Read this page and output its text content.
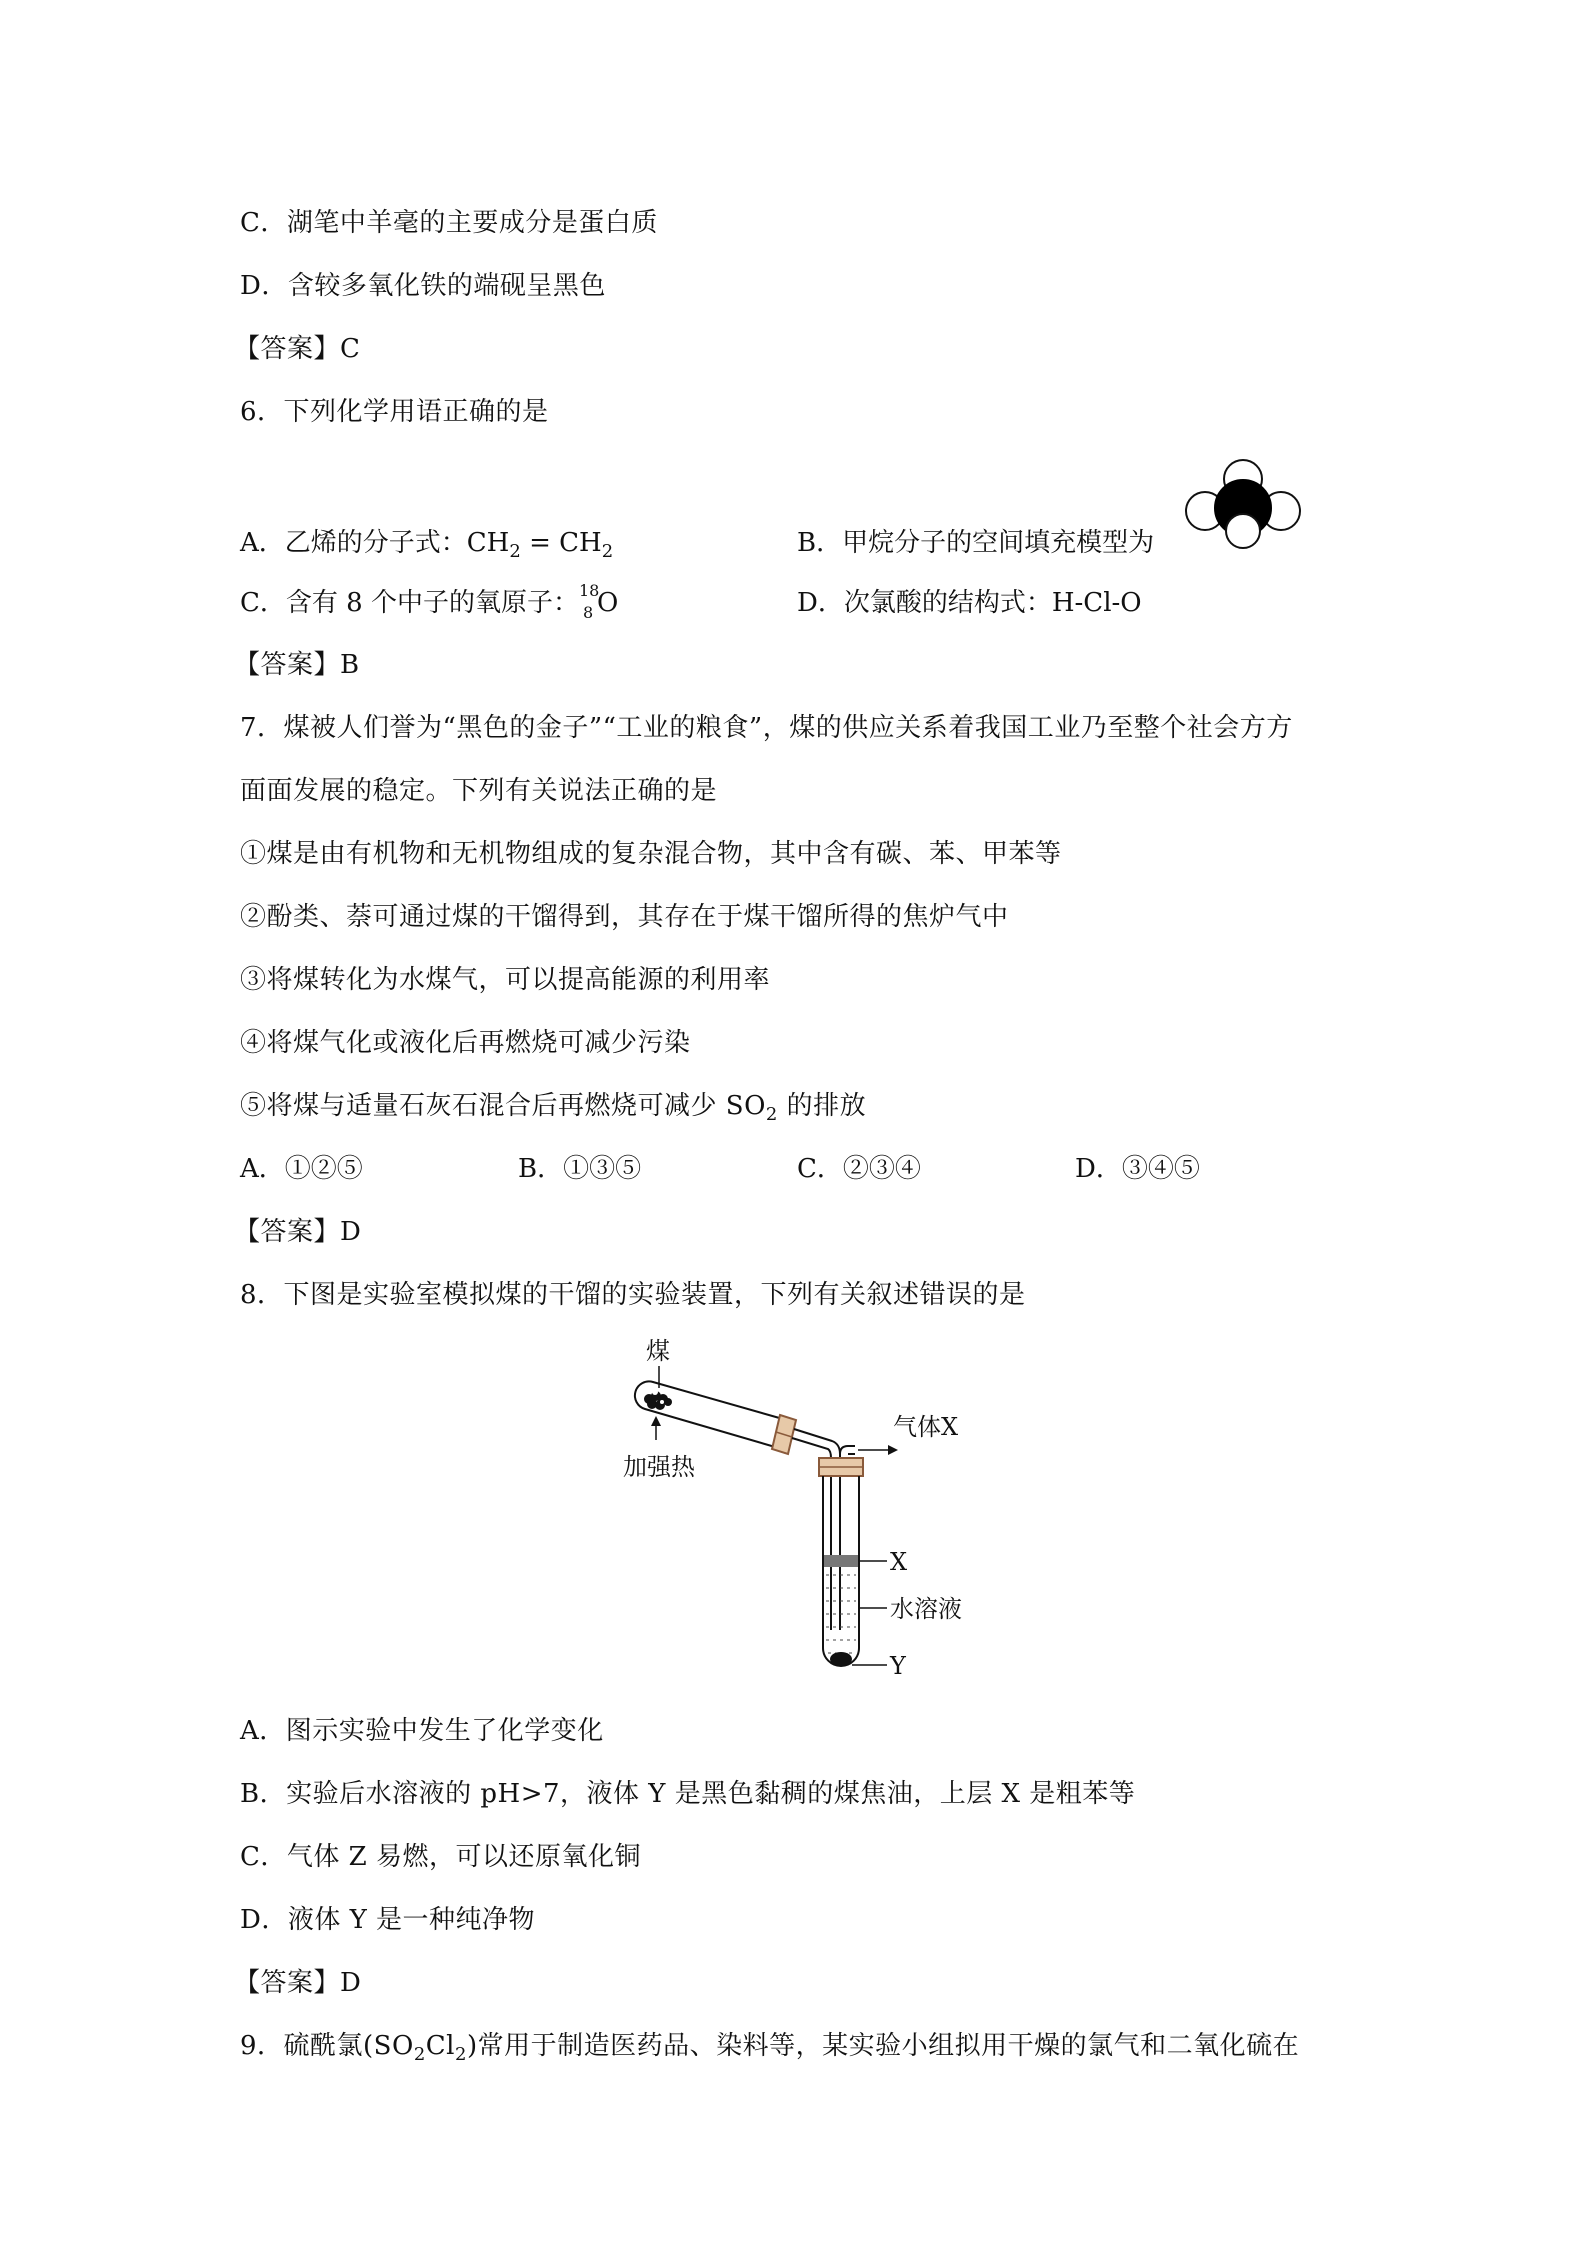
C．湖笔中羊毫的主要成分是蛋白质
D．含较多氧化铁的端砚呈黑色
【答案】C
6．下列化学用语正确的是
A．乙烯的分子式：$CH_2 = CH_2$	B．甲烷分子的空间填充模型为
C．含有 8 个中子的氧原子： 18
8 O	D．次氯酸的结构式：H-Cl-O
【答案】B
7．煤被人们誉为“黑色的金子”“工业的粮食”，煤的供应关系着我国工业乃至整个社会方方
面面发展的稳定。下列有关说法正确的是
①煤是由有机物和无机物组成的复杂混合物，其中含有碳、苯、甲苯等
②酚类、萘可通过煤的干馏得到，其存在于煤干馏所得的焦炉气中
③将煤转化为水煤气，可以提高能源的利用率
④将煤气化或液化后再燃烧可减少污染
⑤将煤与适量石灰石混合后再燃烧可减少 $SO_2$ 的排放
A．①②⑤	B．①③⑤	C．②③④	D．③④⑤
【答案】D
8．下图是实验室模拟煤的干馏的实验装置，下列有关叙述错误的是
煤
加强热
气体X
X
水溶液
Y
A．图示实验中发生了化学变化
B．实验后水溶液的 pH>7，液体 Y 是黑色黏稠的煤焦油，上层 X 是粗苯等
C．气体 Z 易燃，可以还原氧化铜
D．液体 Y 是一种纯净物
【答案】D
9．硫酰氯$(SO_2Cl_2)$常用于制造医药品、染料等，某实验小组拟用干燥的氯气和二氧化硫在
